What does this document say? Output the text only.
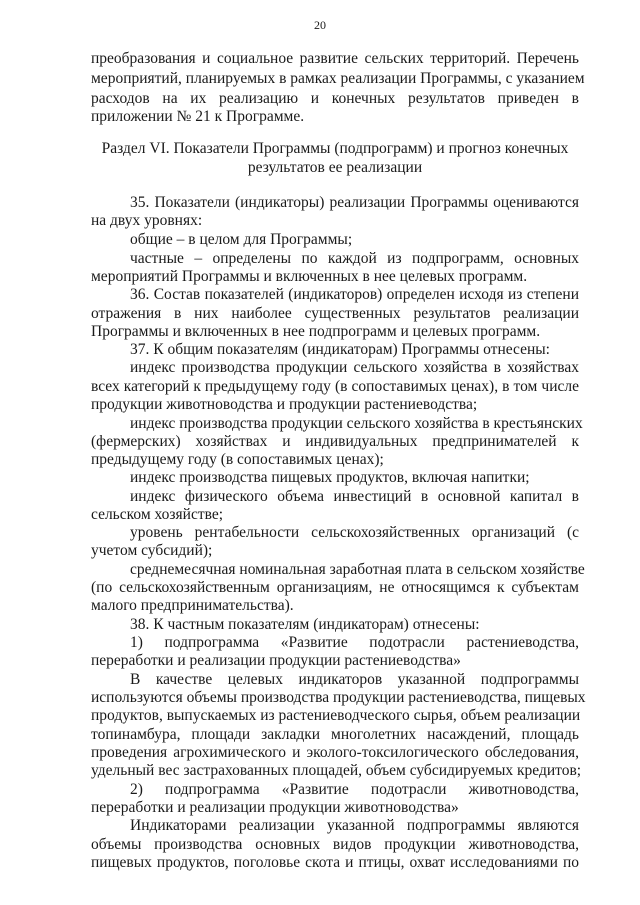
20
преобразования и социальное развитие сельских территорий. Перечень
мероприятий, планируемых в рамках реализации Программы, с указанием
расходов на их реализацию и конечных результатов приведен в
приложении № 21 к Программе.
Раздел VI. Показатели Программы (подпрограмм) и прогноз конечных
результатов ее реализации
35. Показатели (индикаторы) реализации Программы оцениваются
на двух уровнях:
общие – в целом для Программы;
частные – определены по каждой из подпрограмм, основных
мероприятий Программы и включенных в нее целевых программ.
36. Состав показателей (индикаторов) определен исходя из степени
отражения в них наиболее существенных результатов реализации
Программы и включенных в нее подпрограмм и целевых программ.
37. К общим показателям (индикаторам) Программы отнесены:
индекс производства продукции сельского хозяйства в хозяйствах
всех категорий к предыдущему году (в сопоставимых ценах), в том числе
продукции животноводства и продукции растениеводства;
индекс производства продукции сельского хозяйства в крестьянских
(фермерских) хозяйствах и индивидуальных предпринимателей к
предыдущему году (в сопоставимых ценах);
индекс производства пищевых продуктов, включая напитки;
индекс физического объема инвестиций в основной капитал в
сельском хозяйстве;
уровень рентабельности сельскохозяйственных организаций (с
учетом субсидий);
среднемесячная номинальная заработная плата в сельском хозяйстве
(по сельскохозяйственным организациям, не относящимся к субъектам
малого предпринимательства).
38. К частным показателям (индикаторам) отнесены:
1) подпрограмма «Развитие подотрасли растениеводства,
переработки и реализации продукции растениеводства»
В качестве целевых индикаторов указанной подпрограммы
используются объемы производства продукции растениеводства, пищевых
продуктов, выпускаемых из растениеводческого сырья, объем реализации
топинамбура, площади закладки многолетних насаждений, площадь
проведения агрохимического и эколого-токсилогического обследования,
удельный вес застрахованных площадей, объем субсидируемых кредитов;
2) подпрограмма «Развитие подотрасли животноводства,
переработки и реализации продукции животноводства»
Индикаторами реализации указанной подпрограммы являются
объемы производства основных видов продукции животноводства,
пищевых продуктов, поголовье скота и птицы, охват исследованиями по
